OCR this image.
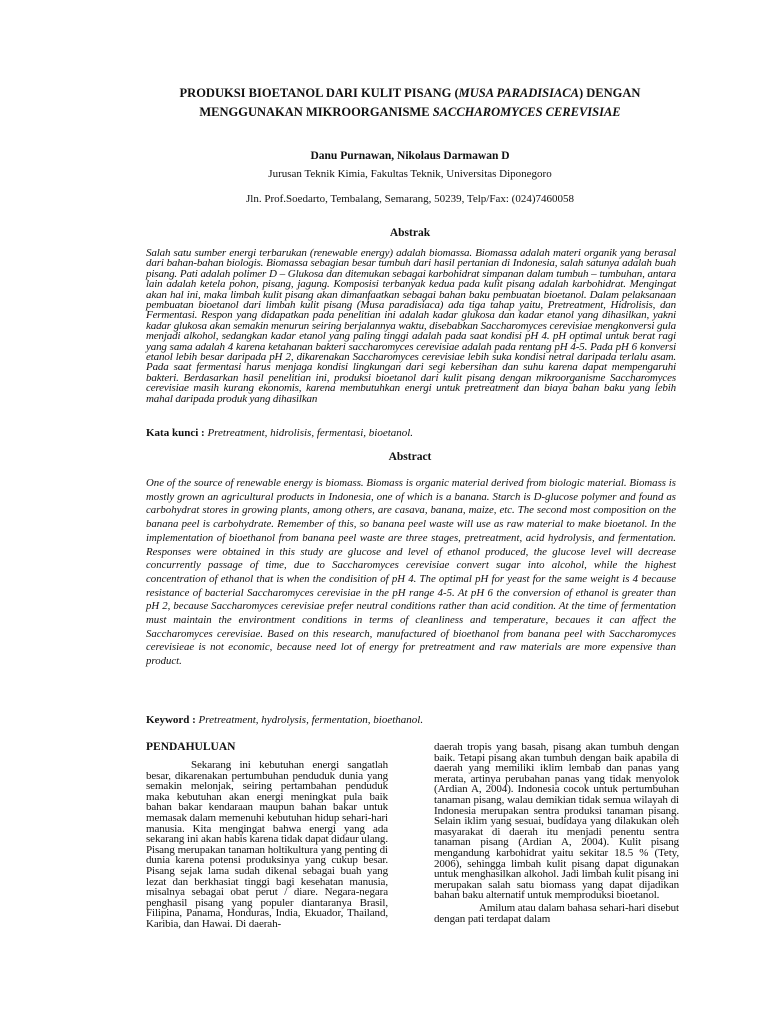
PRODUKSI BIOETANOL DARI KULIT PISANG (MUSA PARADISIACA) DENGAN
MENGGUNAKAN MIKROORGANISME SACCHAROMYCES CEREVISIAE
Danu Purnawan, Nikolaus Darmawan D
Jurusan Teknik Kimia, Fakultas Teknik, Universitas Diponegoro
Jln. Prof.Soedarto, Tembalang, Semarang, 50239, Telp/Fax: (024)7460058
Abstrak
Salah satu sumber energi terbarukan (renewable energy) adalah biomassa. Biomassa adalah materi organik yang berasal dari bahan-bahan biologis. Biomassa sebagian besar tumbuh dari hasil pertanian di Indonesia, salah satunya adalah buah pisang. Pati adalah polimer D – Glukosa dan ditemukan sebagai karbohidrat simpanan dalam tumbuh – tumbuhan, antara lain adalah ketela pohon, pisang, jagung. Komposisi terbanyak kedua pada kulit pisang adalah karbohidrat. Mengingat akan hal ini, maka limbah kulit pisang akan dimanfaatkan sebagai bahan baku pembuatan bioetanol. Dalam pelaksanaan pembuatan bioetanol dari limbah kulit pisang (Musa paradisiaca) ada tiga tahap yaitu, Pretreatment, Hidrolisis, dan Fermentasi. Respon yang didapatkan pada penelitian ini adalah kadar glukosa dan kadar etanol yang dihasilkan, yakni kadar glukosa akan semakin menurun seiring berjalannya waktu, disebabkan Saccharomyces cerevisiae mengkonversi gula menjadi alkohol, sedangkan kadar etanol yang paling tinggi adalah pada saat kondisi pH 4. pH optimal untuk berat ragi yang sama adalah 4 karena ketahanan bakteri saccharomyces cerevisiae adalah pada rentang pH 4-5. Pada pH 6 konversi etanol lebih besar daripada pH 2, dikarenakan Saccharomyces cerevisiae lebih suka kondisi netral daripada terlalu asam. Pada saat fermentasi harus menjaga kondisi lingkungan dari segi kebersihan dan suhu karena dapat mempengaruhi bakteri. Berdasarkan hasil penelitian ini, produksi bioetanol dari kulit pisang dengan mikroorganisme Saccharomyces cerevisiae masih kurang ekonomis, karena membutuhkan energi untuk pretreatment dan biaya bahan baku yang lebih mahal daripada produk yang dihasilkan
Kata kunci : Pretreatment, hidrolisis, fermentasi, bioetanol.
Abstract
One of the source of renewable energy is biomass. Biomass is organic material derived from biologic material. Biomass is mostly grown an agricultural products in Indonesia, one of which is a banana. Starch is D-glucose polymer and found as carbohydrat stores in growing plants, among others, are casava, banana, maize, etc. The second most composition on the banana peel is carbohydrate. Remember of this, so banana peel waste will use as raw material to make bioetanol. In the implementation of bioethanol from banana peel waste are three stages, pretreatment, acid hydrolysis, and fermentation. Responses were obtained in this study are glucose and level of ethanol produced, the glucose level will decrease concurrently passage of time, due to Saccharomyces cerevisiae convert sugar into alcohol, while the highest concentration of ethanol that is when the condisition of pH 4. The optimal pH for yeast for the same weight is 4 because resistance of bacterial Saccharomyces cerevisiae in the pH range 4-5. At pH 6 the conversion of ethanol is greater than pH 2, because Saccharomyces cerevisiae prefer neutral conditions rather than acid condition. At the time of fermentation must maintain the environtment conditions in terms of cleanliness and temperature, becaues it can affect the Saccharomyces cerevisiae. Based on this research, manufactured of bioethanol from banana peel with Saccharomyces cerevisieae is not economic, because need lot of energy for pretreatment and raw materials are more expensive than product.
Keyword : Pretreatment, hydrolysis, fermentation, bioethanol.
PENDAHULUAN

Sekarang ini kebutuhan energi sangatlah besar, dikarenakan pertumbuhan penduduk dunia yang semakin melonjak, seiring pertambahan penduduk maka kebutuhan akan energi meningkat pula baik bahan bakar kendaraan maupun bahan bakar untuk memasak dalam memenuhi kebutuhan hidup sehari-hari manusia. Kita mengingat bahwa energi yang ada sekarang ini akan habis karena tidak dapat didaur ulang. Pisang merupakan tanaman holtikultura yang penting di dunia karena potensi produksinya yang cukup besar. Pisang sejak lama sudah dikenal sebagai buah yang lezat dan berkhasiat tinggi bagi kesehatan manusia, misalnya sebagai obat perut / diare. Negara-negara penghasil pisang yang populer diantaranya Brasil, Filipina, Panama, Honduras, India, Ekuador, Thailand, Karibia, dan Hawai. Di daerah-

daerah tropis yang basah, pisang akan tumbuh dengan baik. Tetapi pisang akan tumbuh dengan baik apabila di daerah yang memiliki iklim lembab dan panas yang merata, artinya perubahan panas yang tidak menyolok (Ardian A, 2004). Indonesia cocok untuk pertumbuhan tanaman pisang, walau demikian tidak semua wilayah di Indonesia merupakan sentra produksi tanaman pisang. Selain iklim yang sesuai, budidaya yang dilakukan oleh masyarakat di daerah itu menjadi penentu sentra tanaman pisang (Ardian A, 2004). Kulit pisang mengandung karbohidrat yaitu sekitar 18.5 % (Tety, 2006), sehingga limbah kulit pisang dapat digunakan untuk menghasilkan alkohol. Jadi limbah kulit pisang ini merupakan salah satu biomass yang dapat dijadikan bahan baku alternatif untuk memproduksi bioetanol.

Amilum atau dalam bahasa sehari-hari disebut dengan pati terdapat dalam
